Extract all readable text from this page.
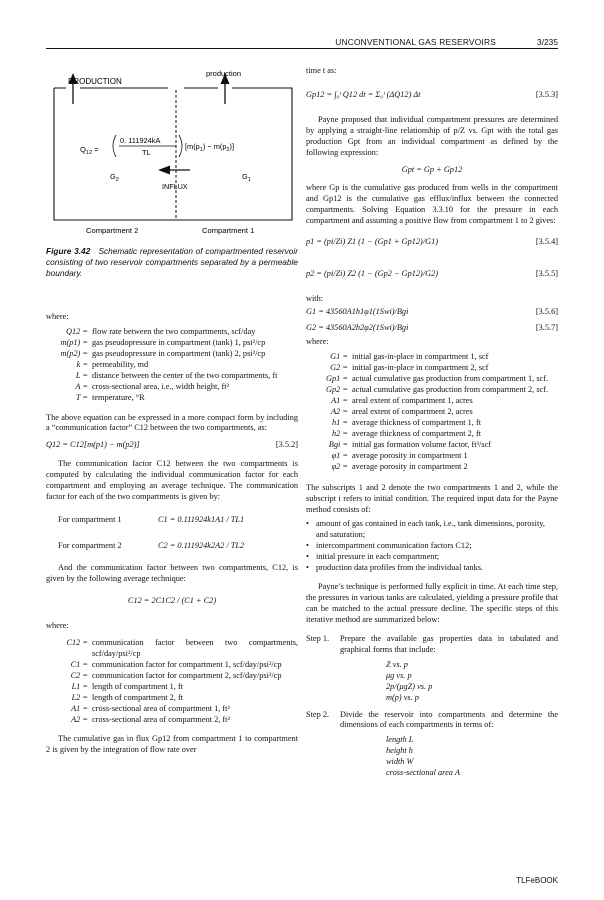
UNCONVENTIONAL GAS RESERVOIRS	3/235
PRODUCTION
production
$Q_{12}$ =
0. 111924kA
TL
$[m(p_1) - m(p_2)]$
$G_2$	$G_1$
INFLUX
Compartment 2	Compartment 1

Figure 3.42 Schematic representation of compartmented reservoir consisting of two reservoir compartments separated by a permeable boundary.

where:

Q12 = flow rate between the two compartments, scf/day
m(p1) = gas pseudopressure in compartment (tank) 1, psi²/cp
m(p2) = gas pseudopressure in compartment (tank) 2, psi²/cp
k = permeability, md
L = distance between the center of the two compartments, ft
A = cross-sectional area, i.e., width height, ft²
T = temperature, °R

The above equation can be expressed in a more compact form by including a “communication factor” C12 between the two compartments, as:

Q12 = C12[m(p1) − m(p2)]	[3.5.2]

The communication factor C12 between the two compartments is computed by calculating the individual communication factor for each compartment and employing an average technique. The communication factor for each of the two compartments is given by:

For compartment 1	C1 = 0.111924k1A1 / TL1
For compartment 2	C2 = 0.111924k2A2 / TL2

And the communication factor between two compartments, C12, is given by the following average technique:

C12 = 2C1C2 / (C1 + C2)

where:

C12 = communication factor between two compartments, scf/day/psi²/cp
C1 = communication factor for compartment 1, scf/day/psi²/cp
C2 = communication factor for compartment 2, scf/day/psi²/cp
L1 = length of compartment 1, ft
L2 = length of compartment 2, ft
A1 = cross-sectional area of compartment 1, ft²
A2 = cross-sectional area of compartment 2, ft²

The cumulative gas in flux Gp12 from compartment 1 to compartment 2 is given by the integration of flow rate over

time t as:

Gp12 = ∫₀ᵗ Q12 dt = Σ₀ᵗ (ΔQ12) Δt	[3.5.3]

Payne proposed that individual compartment pressures are determined by applying a straight-line relationship of p/Z vs. Gpt with the total gas production Gpt from an individual compartment as defined by the following expression:

Gpt = Gp + Gp12

where Gp is the cumulative gas produced from wells in the compartment and Gp12 is the cumulative gas efflux/influx between the connected compartments. Solving Equation 3.3.10 for the pressure in each compartment and assuming a positive flow from compartment 1 to 2 gives:

p1 = (pi/Zi) Z1 (1 − (Gp1 + Gp12)/G1)	[3.5.4]
p2 = (pi/Zi) Z2 (1 − (Gp2 − Gp12)/G2)	[3.5.5]

with:

G1 = 43560A1h1φ1(1Swi)/Bgi	[3.5.6]
G2 = 43560A2h2φ2(1Swi)/Bgi	[3.5.7]

where:

G1 = initial gas-in-place in compartment 1, scf
G2 = initial gas-in-place in compartment 2, scf
Gp1 = actual cumulative gas production from compartment 1, scf.
Gp2 = actual cumulative gas production from compartment 2, scf.
A1 = areal extent of compartment 1, acres
A2 = areal extent of compartment 2, acres
h1 = average thickness of compartment 1, ft
h2 = average thickness of compartment 2, ft
Bgi = initial gas formation volume factor, ft³/scf
φ1 = average porosity in compartment 1
φ2 = average porosity in compartment 2

The subscripts 1 and 2 denote the two compartments 1 and 2, while the subscript i refers to initial condition. The required input data for the Payne method consists of:

• amount of gas contained in each tank, i.e., tank dimensions, porosity, and saturation;
• intercompartment communication factors C12;
• initial pressure in each compartment;
• production data profiles from the individual tanks.

Payne’s technique is performed fully explicit in time. At each time step, the pressures in various tanks are calculated, yielding a pressure profile that can be matched to the actual pressure decline. The specific steps of this iterative method are summarized below:

Step 1.	Prepare the available gas properties data in tabulated and graphical forms that include:
Z vs. p
μg vs. p
2p/(μgZ) vs. p
m(p) vs. p
Step 2.	Divide the reservoir into compartments and determine the dimensions of each compartments in terms of:
length L
height h
width W
cross-sectional area A
TLFeBOOK
